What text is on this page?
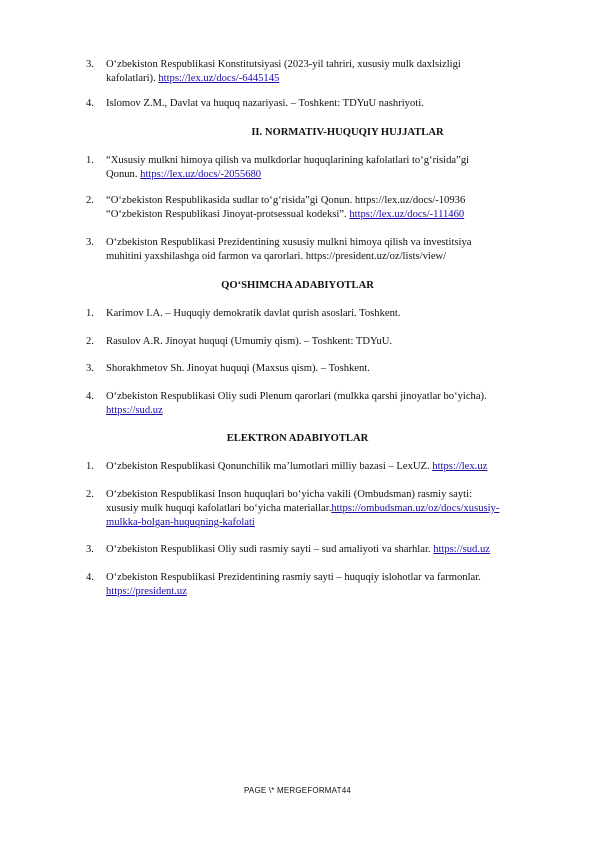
3. O‘zbekiston Respublikasi Konstitutsiyasi (2023-yil tahriri, xususiy mulk daxlsizligi
kafolatlari). https://lex.uz/docs/-6445145
4. Islomov Z.M., Davlat va huquq nazariyasi. – Toshkent: TDYuU nashriyoti.
II. NORMATIV-HUQUQIY HUJJATLAR
1. “Xususiy mulkni himoya qilish va mulkdorlar huquqlarining kafolatlari to‘g‘risida”gi
Qonun. https://lex.uz/docs/-2055680
2. “O‘zbekiston Respublikasida sudlar to‘g‘risida”gi Qonun. https://lex.uz/docs/-10936
“O‘zbekiston Respublikasi Jinoyat-protsessual kodeksi”. https://lex.uz/docs/-111460
3. O‘zbekiston Respublikasi Prezidentining xususiy mulkni himoya qilish va investitsiya
muhitini yaxshilashga oid farmon va qarorlari. https://president.uz/oz/lists/view/
QO‘SHIMCHA ADABIYOTLAR
1. Karimov I.A. – Huquqiy demokratik davlat qurish asoslari. Toshkent.
2. Rasulov A.R. Jinoyat huquqi (Umumiy qism). – Toshkent: TDYuU.
3. Shorakhmetov Sh. Jinoyat huquqi (Maxsus qism). – Toshkent.
4. O‘zbekiston Respublikasi Oliy sudi Plenum qarorlari (mulkka qarshi jinoyatlar bo‘yicha).
https://sud.uz
ELEKTRON ADABIYOTLAR
1. O‘zbekiston Respublikasi Qonunchilik ma’lumotlari milliy bazasi – LexUZ. https://lex.uz
2. O‘zbekiston Respublikasi Inson huquqlari bo‘yicha vakili (Ombudsman) rasmiy sayti:
xususiy mulk huquqi kafolatlari bo‘yicha materiallar.https://ombudsman.uz/oz/docs/xususiy-
mulkka-bolgan-huquqning-kafolati
3. O‘zbekiston Respublikasi Oliy sudi rasmiy sayti – sud amaliyoti va sharhlar. https://sud.uz
4. O‘zbekiston Respublikasi Prezidentining rasmiy sayti – huquqiy islohotlar va farmonlar.
https://president.uz
PAGE \* MERGEFORMAT44
